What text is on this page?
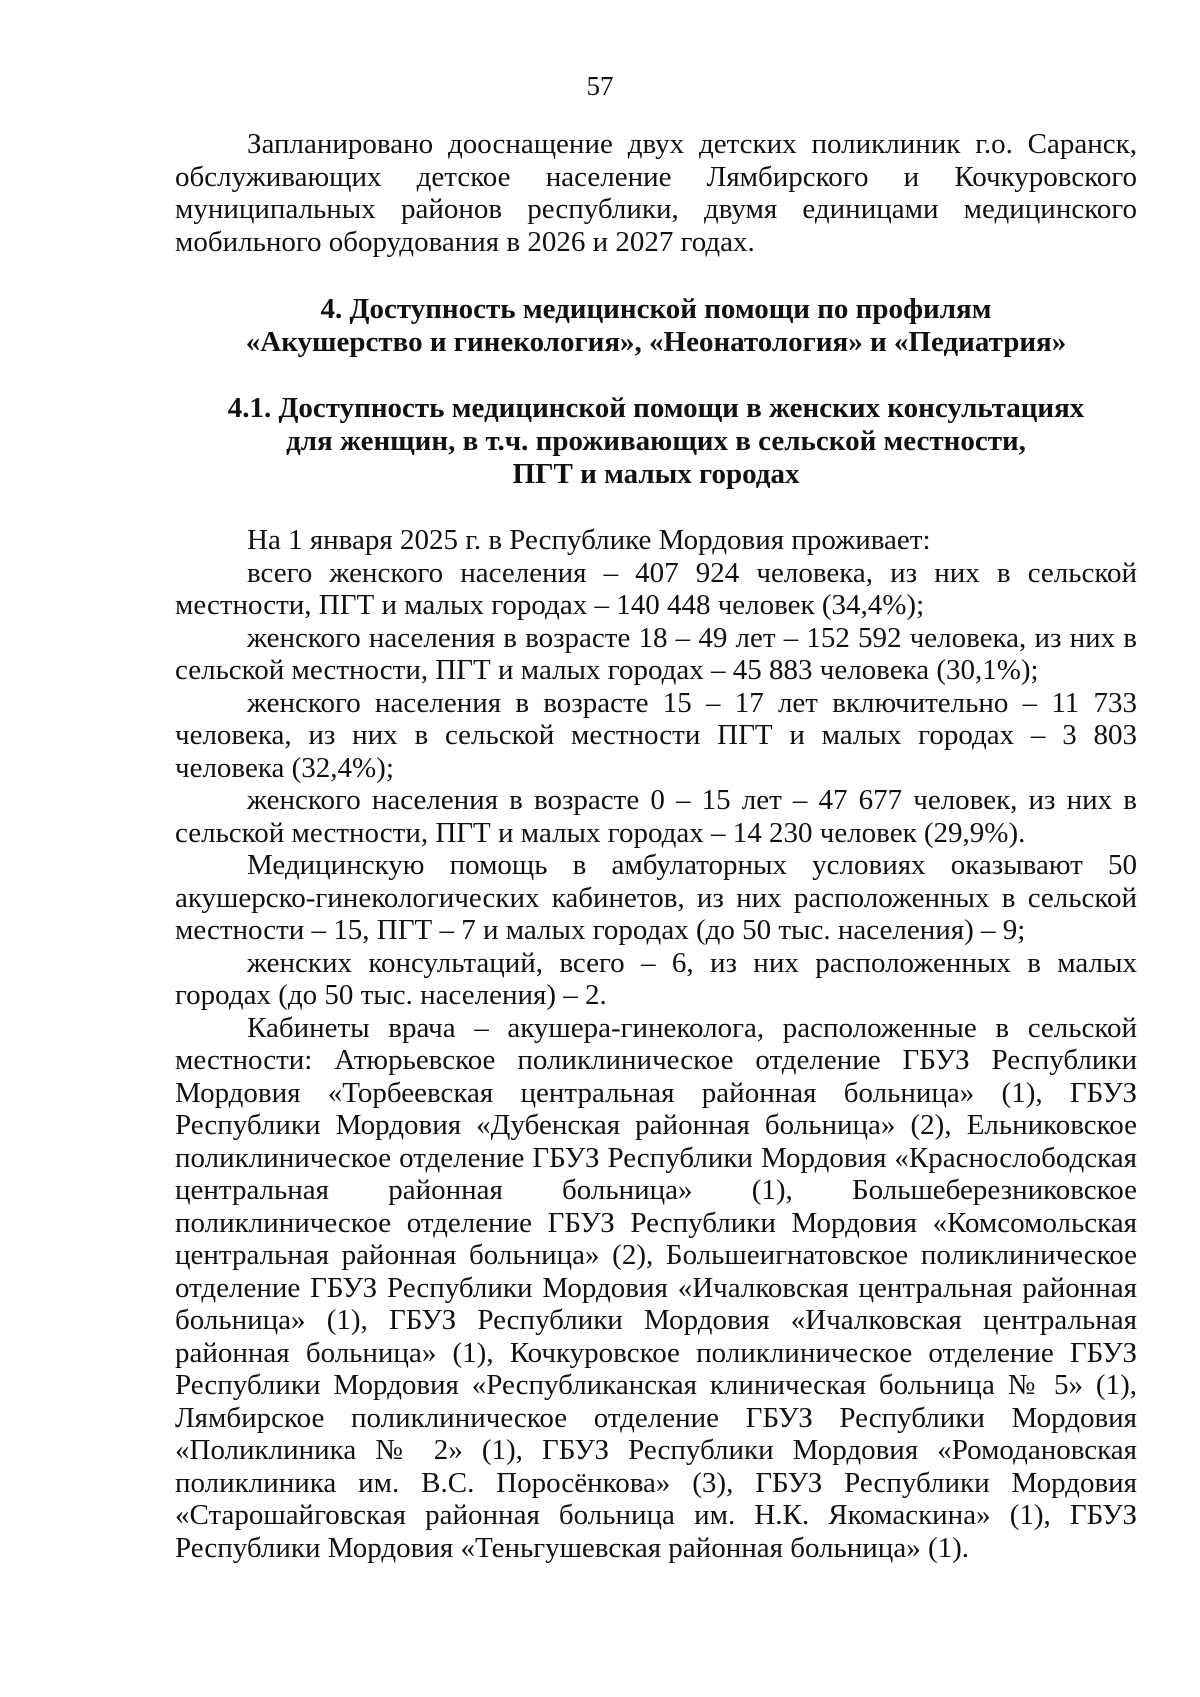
57

Запланировано дооснащение двух детских поликлиник г.о. Саранск, обслуживающих детское население Лямбирского и Кочкуровского муниципальных районов республики, двумя единицами медицинского мобильного оборудования в 2026 и 2027 годах.

4. Доступность медицинской помощи по профилям
«Акушерство и гинекология», «Неонатология» и «Педиатрия»
4.1. Доступность медицинской помощи в женских консультациях
для женщин, в т.ч. проживающих в сельской местности,
ПГТ и малых городах

На 1 января 2025 г. в Республике Мордовия проживает:

всего женского населения – 407 924 человека, из них в сельской местности, ПГТ и малых городах – 140 448 человек (34,4%);

женского населения в возрасте 18 – 49 лет – 152 592 человека, из них в сельской местности, ПГТ и малых городах – 45 883 человека (30,1%);

женского населения в возрасте 15 – 17 лет включительно – 11 733 человека, из них в сельской местности ПГТ и малых городах – 3 803 человека (32,4%);

женского населения в возрасте 0 – 15 лет – 47 677 человек, из них в сельской местности, ПГТ и малых городах – 14 230 человек (29,9%).

Медицинскую помощь в амбулаторных условиях оказывают 50 акушерско-гинекологических кабинетов, из них расположенных в сельской местности – 15, ПГТ – 7 и малых городах (до 50 тыс. населения) – 9;

женских консультаций, всего – 6, из них расположенных в малых городах (до 50 тыс. населения) – 2.

Кабинеты врача – акушера-гинеколога, расположенные в сельской местности: Атюрьевское поликлиническое отделение ГБУЗ Республики Мордовия «Торбеевская центральная районная больница» (1), ГБУЗ Республики Мордовия «Дубенская районная больница» (2), Ельниковское поликлиническое отделение ГБУЗ Республики Мордовия «Краснослободская центральная районная больница» (1), Большеберезниковское поликлиническое отделение ГБУЗ Республики Мордовия «Комсомольская центральная районная больница» (2), Большеигнатовское поликлиническое отделение ГБУЗ Республики Мордовия «Ичалковская центральная районная больница» (1), ГБУЗ Республики Мордовия «Ичалковская центральная районная больница» (1), Кочкуровское поликлиническое отделение ГБУЗ Республики Мордовия «Республиканская клиническая больница № 5» (1), Лямбирское поликлиническое отделение ГБУЗ Республики Мордовия «Поликлиника № 2» (1), ГБУЗ Республики Мордовия «Ромодановская поликлиника им. В.С. Поросёнкова» (3), ГБУЗ Республики Мордовия «Старошайговская районная больница им. Н.К. Якомаскина» (1), ГБУЗ Республики Мордовия «Теньгушевская районная больница» (1).
